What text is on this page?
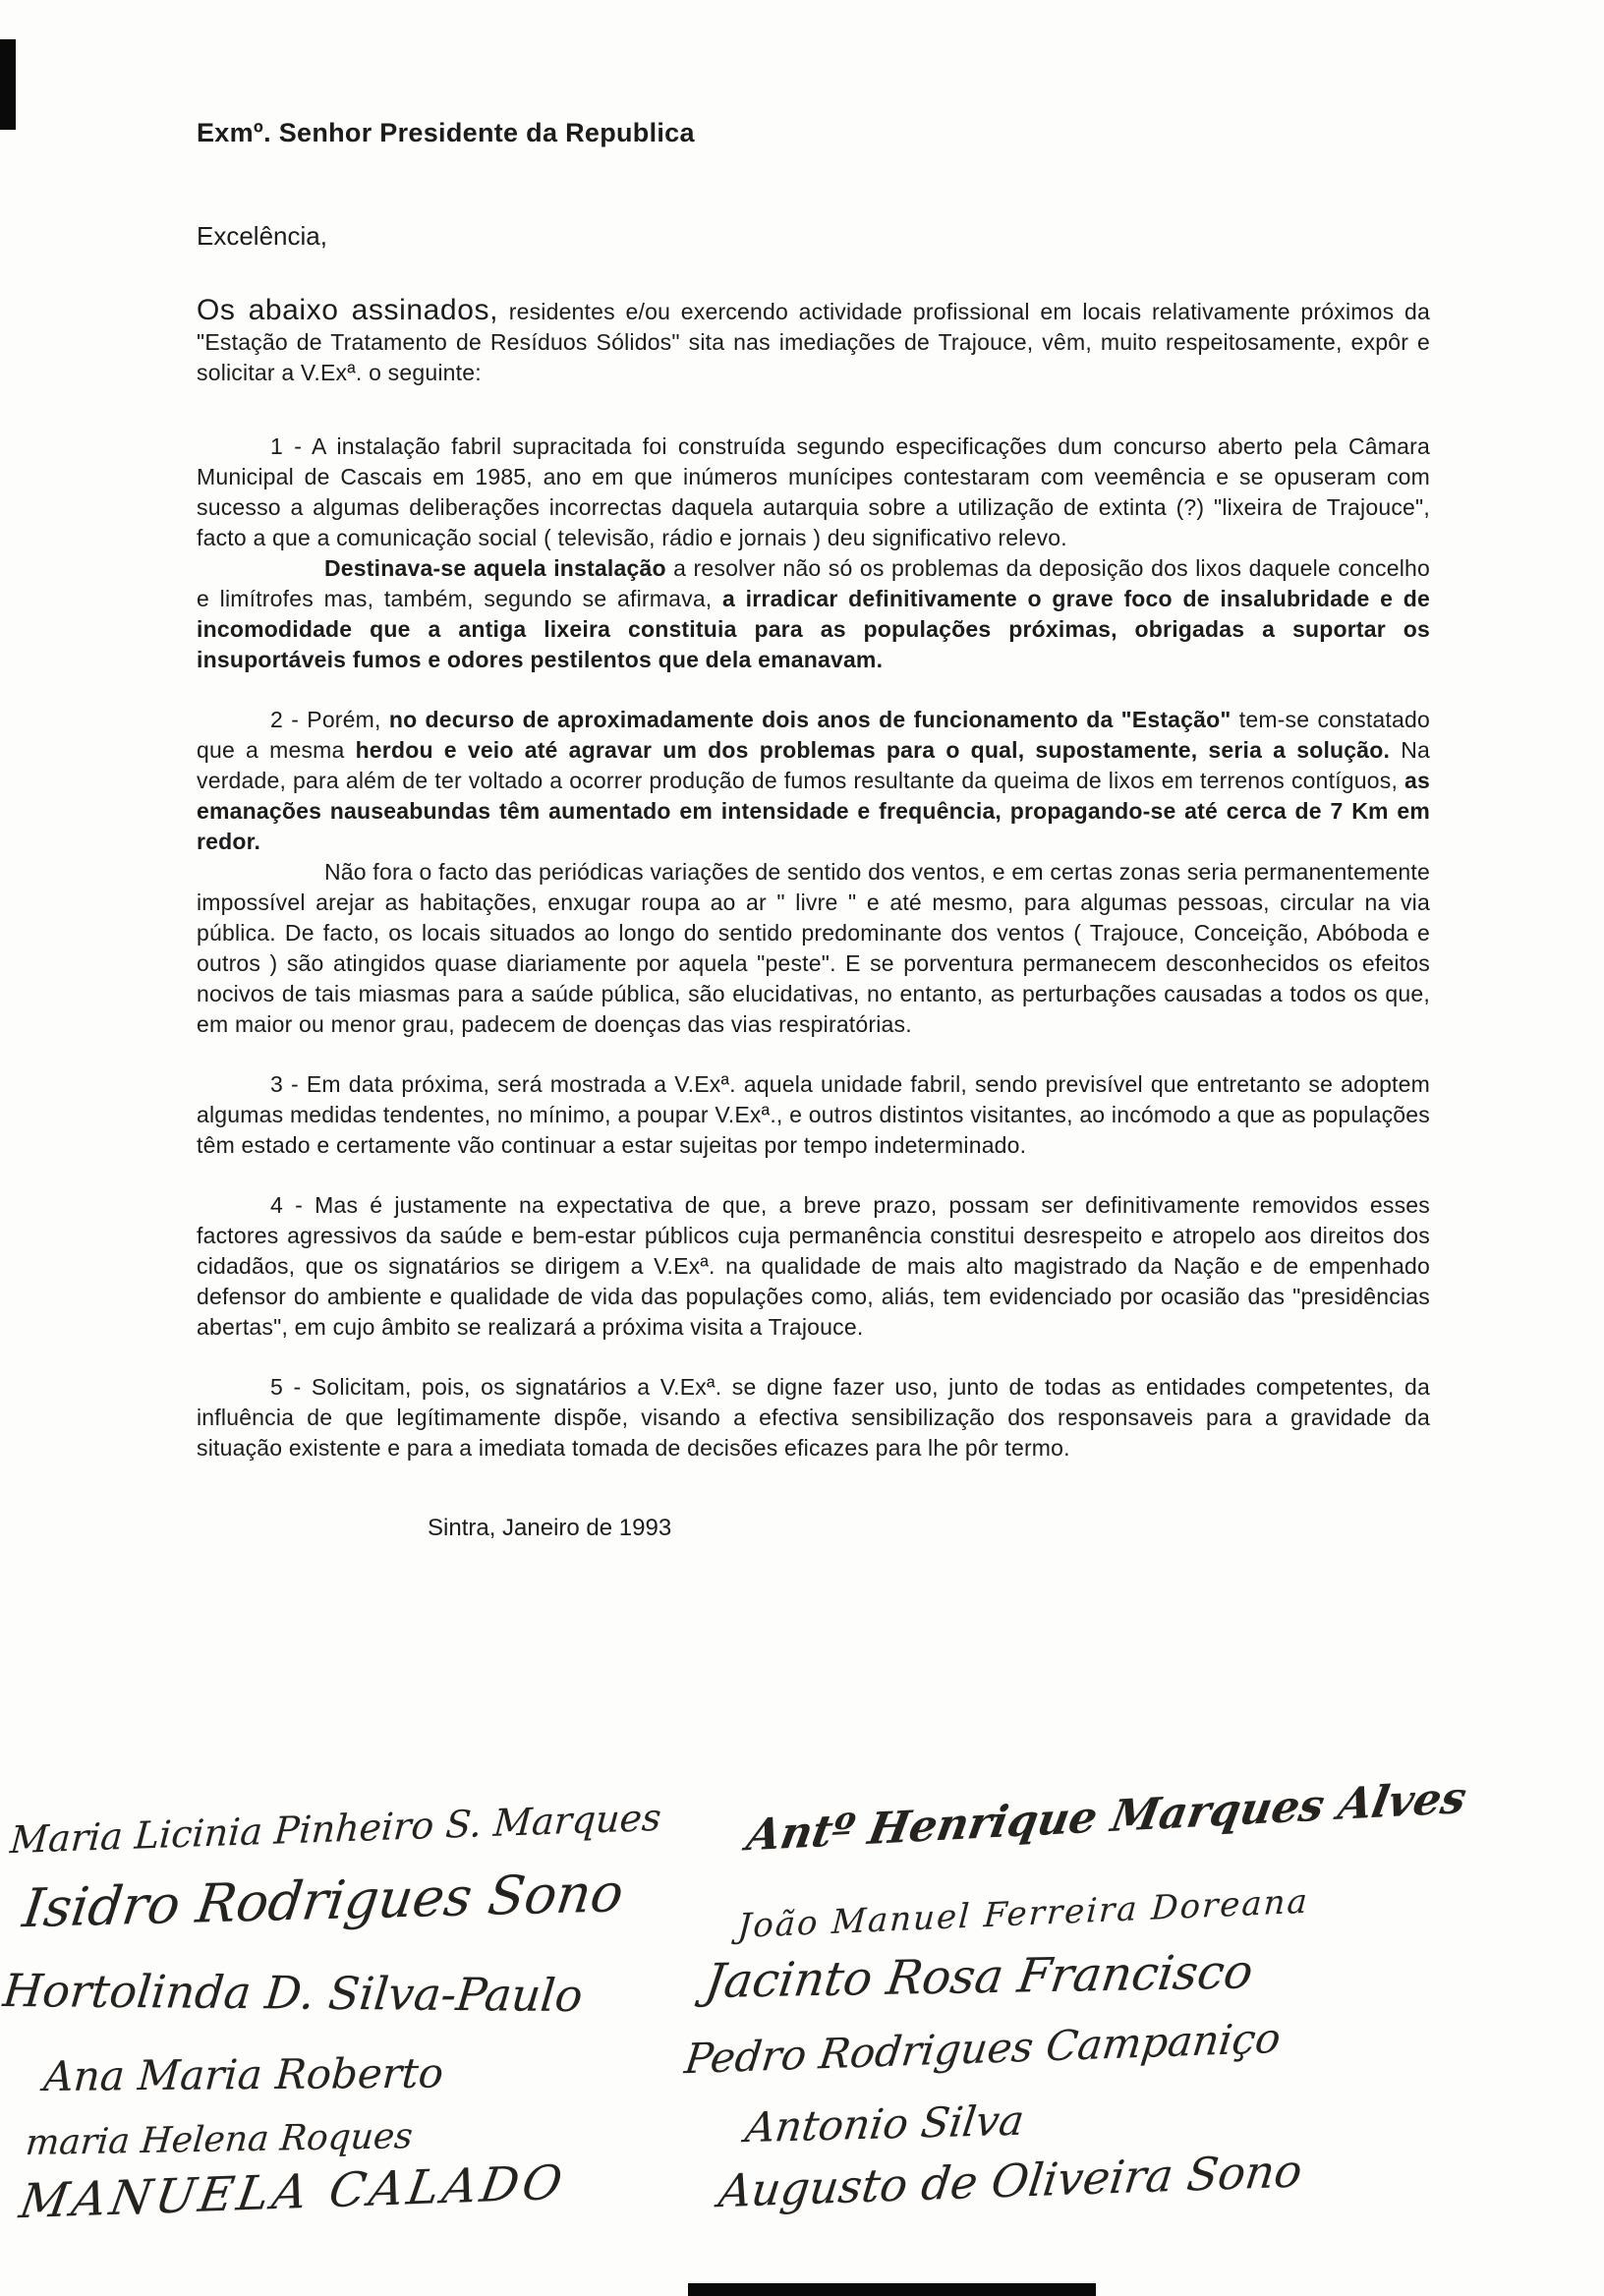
Exmº. Senhor Presidente da Republica

Excelência,

Os abaixo assinados, residentes e/ou exercendo actividade profissional em locais relativamente próximos da "Estação de Tratamento de Resíduos Sólidos" sita nas imediações de Trajouce, vêm, muito respeitosamente, expôr e solicitar a V.Exª. o seguinte:

1 - A instalação fabril supracitada foi construída segundo especificações dum concurso aberto pela Câmara Municipal de Cascais em 1985, ano em que inúmeros munícipes contestaram com veemência e se opuseram com sucesso a algumas deliberações incorrectas daquela autarquia sobre a utilização de extinta (?) "lixeira de Trajouce", facto a que a comunicação social ( televisão, rádio e jornais ) deu significativo relevo.

Destinava-se aquela instalação a resolver não só os problemas da deposição dos lixos daquele concelho e limítrofes mas, também, segundo se afirmava, a irradicar definitivamente o grave foco de insalubridade e de incomodidade que a antiga lixeira constituia para as populações próximas, obrigadas a suportar os insuportáveis fumos e odores pestilentos que dela emanavam.

2 - Porém, no decurso de aproximadamente dois anos de funcionamento da "Estação" tem-se constatado que a mesma herdou e veio até agravar um dos problemas para o qual, supostamente, seria a solução. Na verdade, para além de ter voltado a ocorrer produção de fumos resultante da queima de lixos em terrenos contíguos, as emanações nauseabundas têm aumentado em intensidade e frequência, propagando-se até cerca de 7 Km em redor.

Não fora o facto das periódicas variações de sentido dos ventos, e em certas zonas seria permanentemente impossível arejar as habitações, enxugar roupa ao ar " livre " e até mesmo, para algumas pessoas, circular na via pública. De facto, os locais situados ao longo do sentido predominante dos ventos ( Trajouce, Conceição, Abóboda e outros ) são atingidos quase diariamente por aquela "peste". E se porventura permanecem desconhecidos os efeitos nocivos de tais miasmas para a saúde pública, são elucidativas, no entanto, as perturbações causadas a todos os que, em maior ou menor grau, padecem de doenças das vias respiratórias.

3 - Em data próxima, será mostrada a V.Exª. aquela unidade fabril, sendo previsível que entretanto se adoptem algumas medidas tendentes, no mínimo, a poupar V.Exª., e outros distintos visitantes, ao incómodo a que as populações têm estado e certamente vão continuar a estar sujeitas por tempo indeterminado.

4 - Mas é justamente na expectativa de que, a breve prazo, possam ser definitivamente removidos esses factores agressivos da saúde e bem-estar públicos cuja permanência constitui desrespeito e atropelo aos direitos dos cidadãos, que os signatários se dirigem a V.Exª. na qualidade de mais alto magistrado da Nação e de empenhado defensor do ambiente e qualidade de vida das populações como, aliás, tem evidenciado por ocasião das "presidências abertas", em cujo âmbito se realizará a próxima visita a Trajouce.

5 - Solicitam, pois, os signatários a V.Exª. se digne fazer uso, junto de todas as entidades competentes, da influência de que legítimamente dispõe, visando a efectiva sensibilização dos responsaveis para a gravidade da situação existente e para a imediata tomada de decisões eficazes para lhe pôr termo.

Sintra, Janeiro de 1993

Maria Licinia Pinheiro S. Marques
Isidro Rodrigues Sono
Hortolinda D. Silva-Paulo
Ana Maria Roberto
maria Helena Roques
MANUELA CALADO
Antº Henrique Marques Alves
João Manuel Ferreira Doreana
Jacinto Rosa Francisco
Pedro Rodrigues Campaniço
Antonio Silva
Augusto de Oliveira Sono
